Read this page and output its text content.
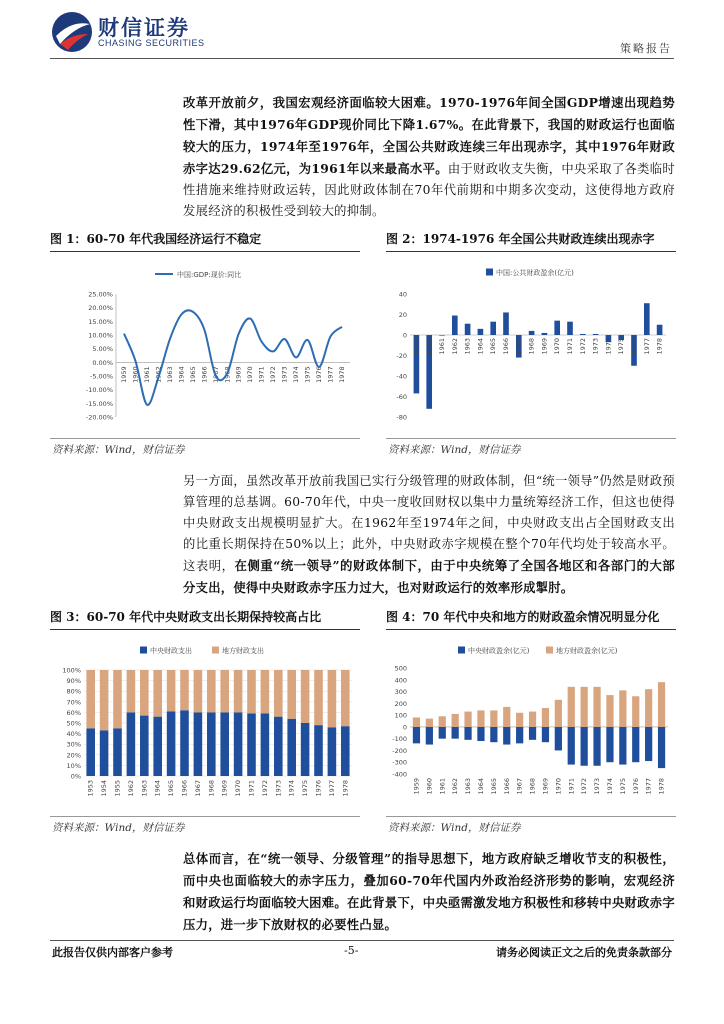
财信证券
CHASING SECURITIES	策略报告
改革开放前夕，我国宏观经济面临较大困难。1970-1976年间全国GDP增速出现趋势性下滑，其中1976年GDP现价同比下降1.67%。在此背景下，我国的财政运行也面临较大的压力，1974年至1976年，全国公共财政连续三年出现赤字，其中1976年财政赤字达29.62亿元，为1961年以来最高水平。由于财政收支失衡，中央采取了各类临时性措施来维持财政运转，因此财政体制在70年代前期和中期多次变动，这使得地方政府发展经济的积极性受到较大的抑制。
图 1：60-70 年代我国经济运行不稳定
中国:GDP:现价:同比
25.00%
20.00%
15.00%
10.00%
5.00%
0.00%
-5.00%
-10.00%
-15.00%
-20.00%
1959 1960 1961 1962 1963 1964 1965 1966 1967 1968 1969 1970 1971 1972 1973 1974 1975 1976 1977 1978
资料来源：Wind，财信证券
图 2：1974-1976 年全国公共财政连续出现赤字
中国:公共财政盈余(亿元)
40
20
0
-20
-40
-60
-80
1959 1960 1961 1962 1963 1964 1965 1966 1967 1968 1969 1970 1971 1972 1973 1974 1975 1976 1977 1978
资料来源：Wind，财信证券
另一方面，虽然改革开放前我国已实行分级管理的财政体制，但“统一领导”仍然是财政预算管理的总基调。60-70年代，中央一度收回财权以集中力量统筹经济工作，但这也使得中央财政支出规模明显扩大。在1962年至1974年之间，中央财政支出占全国财政支出的比重长期保持在50%以上；此外，中央财政赤字规模在整个70年代均处于较高水平。这表明，在侧重“统一领导”的财政体制下，由于中央统筹了全国各地区和各部门的大部分支出，使得中央财政赤字压力过大，也对财政运行的效率形成掣肘。
图 3：60-70 年代中央财政支出长期保持较高占比
中央财政支出	地方财政支出
100%
90%
80%
70%
60%
50%
40%
30%
20%
10%
0%
1953 1954 1955 1962 1963 1964 1965 1966 1967 1968 1969 1970 1971 1972 1973 1974 1975 1976 1977 1978
资料来源：Wind，财信证券
图 4：70 年代中央和地方的财政盈余情况明显分化
中央财政盈余(亿元)	地方财政盈余(亿元)
500
400
300
200
100
0
-100
-200
-300
-400
1959 1960 1961 1962 1963 1964 1965 1966 1967 1968 1969 1970 1971 1972 1973 1974 1975 1976 1977 1978
资料来源：Wind，财信证券
总体而言，在“统一领导、分级管理”的指导思想下，地方政府缺乏增收节支的积极性，而中央也面临较大的赤字压力，叠加60-70年代国内外政治经济形势的影响，宏观经济和财政运行均面临较大困难。在此背景下，中央亟需激发地方积极性和移转中央财政赤字压力，进一步下放财权的必要性凸显。
此报告仅供内部客户参考	-5-	请务必阅读正文之后的免责条款部分
